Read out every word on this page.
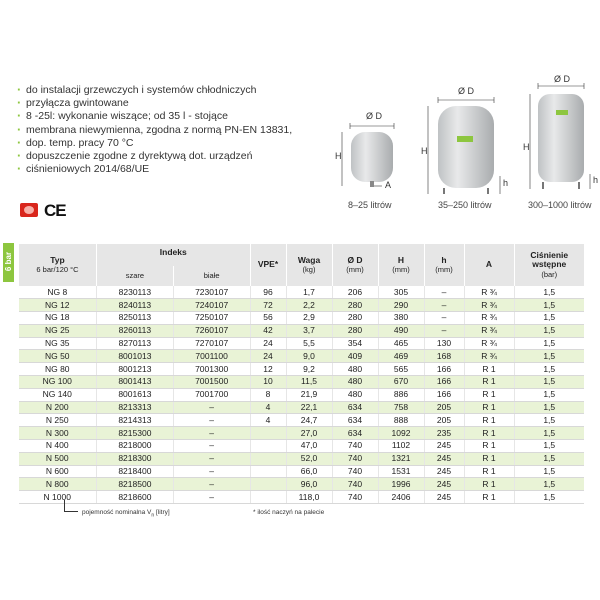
· do instalacji grzewczych i systemów chłodniczych
· przyłącza gwintowane
· 8 -25l: wykonanie wiszące; od 35 l - stojące
· membrana niewymienna, zgodna z normą PN-EN 13831,
· dop. temp. pracy 70 °C
· dopuszczenie zgodne z dyrektywą dot. urządzeń
· ciśnieniowych 2014/68/UE
Ø D
H
A
Ø D
H
h
Ø D
H
h
8–25 litrów	35–250 litrów	300–1000 litrów
CE
6 bar	Typ
6 bar/120 °C	Indeks		VPE*	Waga
(kg)	Ø D
(mm)	H
(mm)	h
(mm)	A	Ciśnienie wstępne
(bar)

	szare	białe							
NG 8	8230113	7230107	96	1,7	206	305	–	R ¾	1,5
NG 12	8240113	7240107	72	2,2	280	290	–	R ¾	1,5
NG 18	8250113	7250107	56	2,9	280	380	–	R ¾	1,5
NG 25	8260113	7260107	42	3,7	280	490	–	R ¾	1,5
NG 35	8270113	7270107	24	5,5	354	465	130	R ¾	1,5
NG 50	8001013	7001100	24	9,0	409	469	168	R ¾	1,5
NG 80	8001213	7001300	12	9,2	480	565	166	R 1	1,5
NG 100	8001413	7001500	10	11,5	480	670	166	R 1	1,5
NG 140	8001613	7001700	8	21,9	480	886	166	R 1	1,5
N 200	8213313	–	4	22,1	634	758	205	R 1	1,5
N 250	8214313	–	4	24,7	634	888	205	R 1	1,5
N 300	8215300	–		27,0	634	1092	235	R 1	1,5
N 400	8218000	–		47,0	740	1102	245	R 1	1,5
N 500	8218300	–		52,0	740	1321	245	R 1	1,5
N 600	8218400	–		66,0	740	1531	245	R 1	1,5
N 800	8218500	–		96,0	740	1996	245	R 1	1,5
N 1000	8218600	–		118,0	740	2406	245	R 1	1,5
pojemność nominalna $V_n$ [litry]	* ilość naczyń na palecie
